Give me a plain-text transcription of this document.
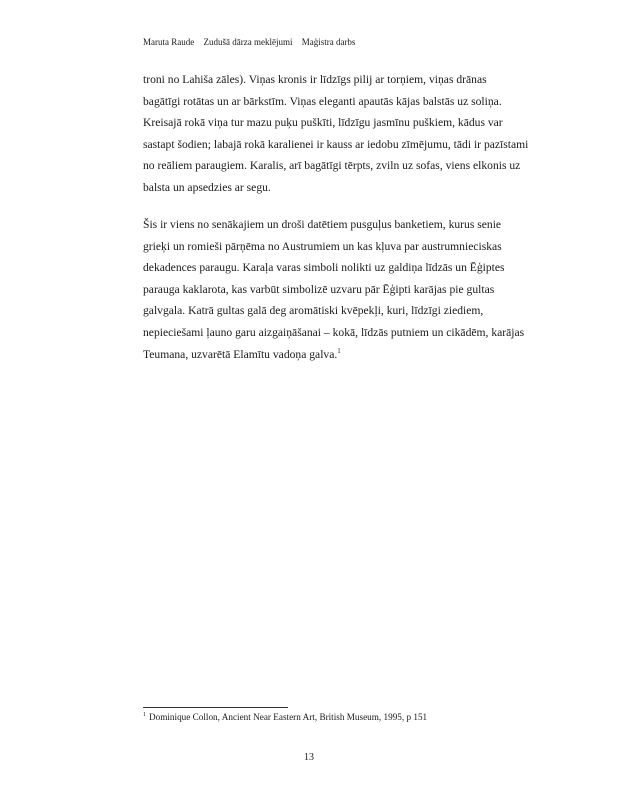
Maruta Raude Zudušā dārza meklējumi Maģistra darbs
troni no Lahiša zāles). Viņas kronis ir līdzīgs pilij ar torņiem, viņas drānas
bagātīgi rotātas un ar bārkstīm. Viņas eleganti apautās kājas balstās uz soliņa.
Kreisajā rokā viņa tur mazu puķu puškīti, līdzīgu jasmīnu puškiem, kādus var
sastapt šodien; labajā rokā karalienei ir kauss ar iedobu zīmējumu, tādi ir pazīstami
no reāliem paraugiem. Karalis, arī bagātīgi tērpts, zviln uz sofas, viens elkonis uz
balsta un apsedzies ar segu.
Šis ir viens no senākajiem un droši datētiem pusguļus banketiem, kurus senie
grieķi un romieši pārņēma no Austrumiem un kas kļuva par austrumnieciskas
dekadences paraugu. Karaļa varas simboli nolikti uz galdiņa līdzās un Ēģiptes
parauga kaklarota, kas varbūt simbolizē uzvaru pār Ēģipti karājas pie gultas
galvgala. Katrā gultas galā deg aromātiski kvēpekļi, kuri, līdzīgi ziediem,
nepieciešami ļauno garu aizgaiņāšanai – kokā, līdzās putniem un cikādēm, karājas
Teumana, uzvarētā Elamītu vadoņa galva.$^1$
$^1$ Dominique Collon, Ancient Near Eastern Art, British Museum, 1995, p 151
13
